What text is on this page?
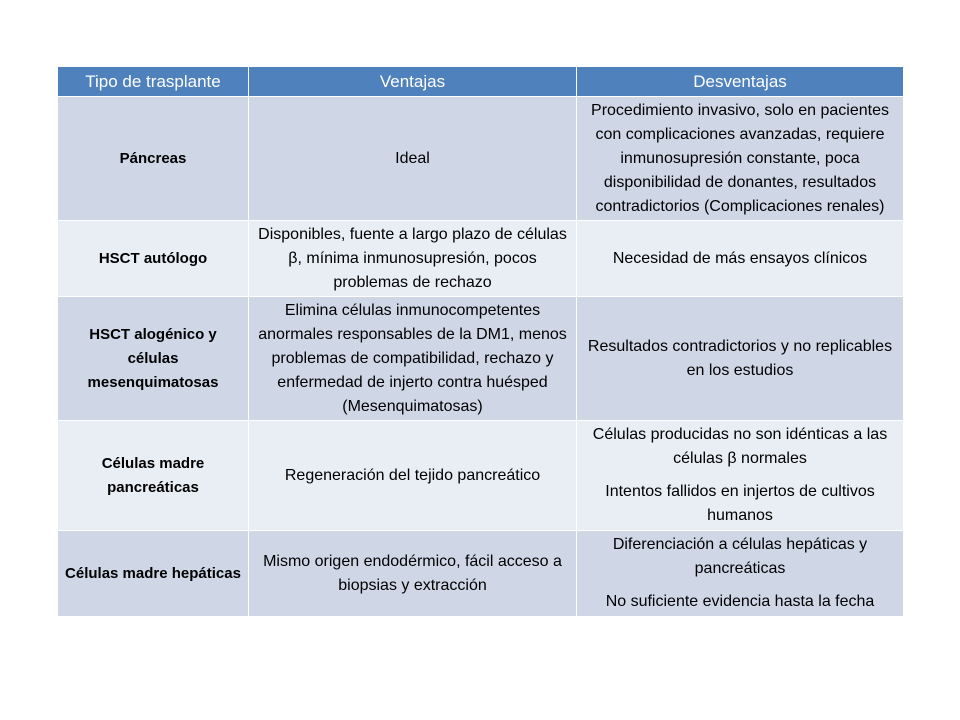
Tipo de trasplante	Ventajas	Desventajas
Páncreas	Ideal	Procedimiento invasivo, solo en pacientes con complicaciones avanzadas, requiere inmunosupresión constante, poca disponibilidad de donantes, resultados contradictorios (Complicaciones renales)

HSCT autólogo	Disponibles, fuente a largo plazo de células β, mínima inmunosupresión, pocos problemas de rechazo	Necesidad de más ensayos clínicos

HSCT alogénico y células mesenquimatosas	Elimina células inmunocompetentes anormales responsables de la DM1, menos problemas de compatibilidad, rechazo y enfermedad de injerto contra huésped (Mesenquimatosas)	Resultados contradictorios y no replicables en los estudios

Células madre pancreáticas	Regeneración del tejido pancreático	Células producidas no son idénticas a las células β normales
Intentos fallidos en injertos de cultivos humanos

Células madre hepáticas	Mismo origen endodérmico, fácil acceso a biopsias y extracción	Diferenciación a células hepáticas y pancreáticas
No suficiente evidencia hasta la fecha
